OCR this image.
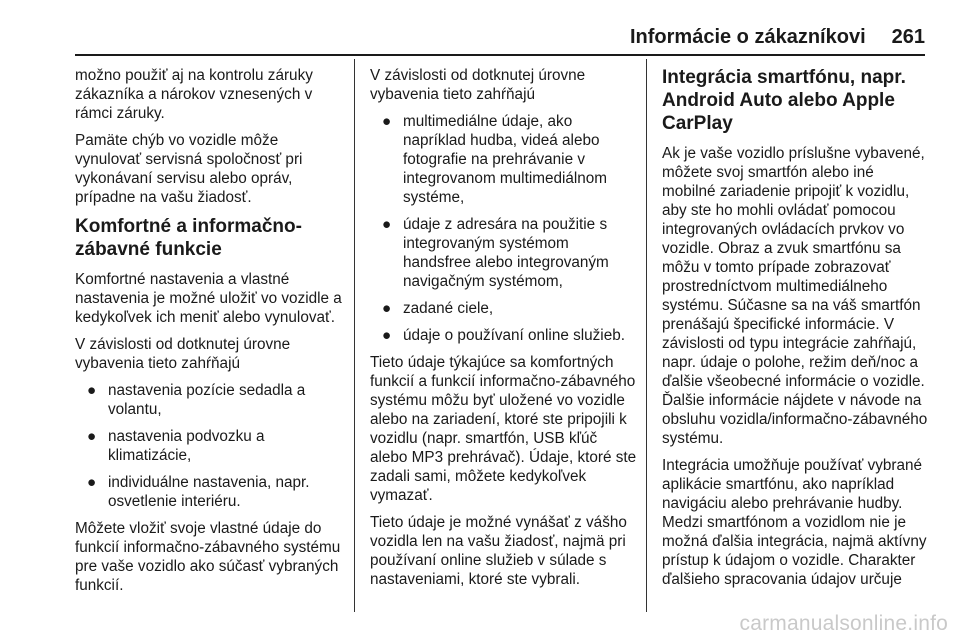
Informácie o zákazníkovi 261

možno použiť aj na kontrolu záruky zákazníka a nárokov vznesených v rámci záruky.

Pamäte chýb vo vozidle môže vynulovať servisná spoločnosť pri vykonávaní servisu alebo opráv, prípadne na vašu žiadosť.

Komfortné a informačno-zábavné funkcie

Komfortné nastavenia a vlastné nastavenia je možné uložiť vo vozidle a kedykoľvek ich meniť alebo vynulovať.

V závislosti od dotknutej úrovne vybavenia tieto zahŕňajú

● nastavenia pozície sedadla a volantu,
● nastavenia podvozku a klimatizácie,
● individuálne nastavenia, napr. osvetlenie interiéru.

Môžete vložiť svoje vlastné údaje do funkcií informačno-zábavného systému pre vaše vozidlo ako súčasť vybraných funkcií.

V závislosti od dotknutej úrovne vybavenia tieto zahŕňajú

● multimediálne údaje, ako napríklad hudba, videá alebo fotografie na prehrávanie v integrovanom multimediálnom systéme,
● údaje z adresára na použitie s integrovaným systémom handsfree alebo integrovaným navigačným systémom,
● zadané ciele,
● údaje o používaní online služieb.

Tieto údaje týkajúce sa komfortných funkcií a funkcií informačno-zábavného systému môžu byť uložené vo vozidle alebo na zariadení, ktoré ste pripojili k vozidlu (napr. smartfón, USB kľúč alebo MP3 prehrávač). Údaje, ktoré ste zadali sami, môžete kedykoľvek vymazať.

Tieto údaje je možné vynášať z vášho vozidla len na vašu žiadosť, najmä pri používaní online služieb v súlade s nastaveniami, ktoré ste vybrali.

Integrácia smartfónu, napr. Android Auto alebo Apple CarPlay

Ak je vaše vozidlo príslušne vybavené, môžete svoj smartfón alebo iné mobilné zariadenie pripojiť k vozidlu, aby ste ho mohli ovládať pomocou integrovaných ovládacích prvkov vo vozidle. Obraz a zvuk smartfónu sa môžu v tomto prípade zobrazovať prostredníctvom multimediálneho systému. Súčasne sa na váš smartfón prenášajú špecifické informácie. V závislosti od typu integrácie zahŕňajú, napr. údaje o polohe, režim deň/noc a ďalšie všeobecné informácie o vozidle. Ďalšie informácie nájdete v návode na obsluhu vozidla/informačno-zábavného systému.

Integrácia umožňuje používať vybrané aplikácie smartfónu, ako napríklad navigáciu alebo prehrávanie hudby. Medzi smartfónom a vozidlom nie je možná ďalšia integrácia, najmä aktívny prístup k údajom o vozidle. Charakter ďalšieho spracovania údajov určuje

carmanualsonline.info
